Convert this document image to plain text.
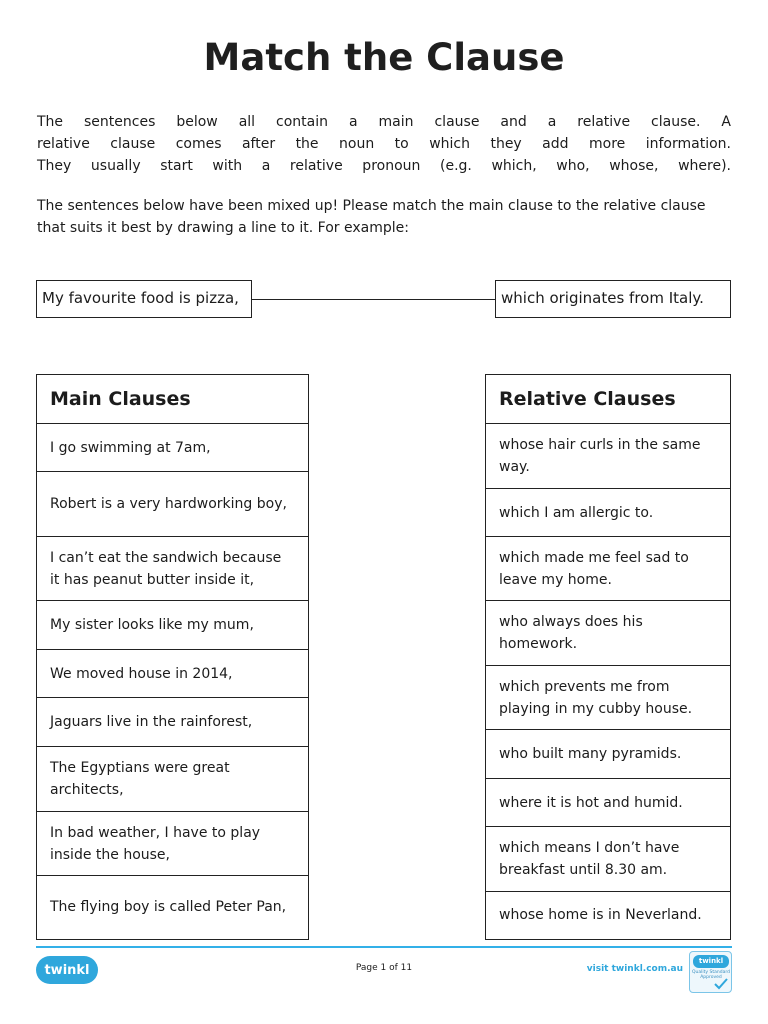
Match the Clause
The sentences below all contain a main clause and a relative clause. A
relative clause comes after the noun to which they add more information.
They usually start with a relative pronoun (e.g. which, who, whose, where).
The sentences below have been mixed up! Please match the main clause to the relative clause that suits it best by drawing a line to it. For example:
My favourite food is pizza,	which originates from Italy.
Main Clauses
I go swimming at 7am,
Robert is a very hardworking boy,
I can’t eat the sandwich because it has peanut butter inside it,
My sister looks like my mum,
We moved house in 2014,
Jaguars live in the rainforest,
The Egyptians were great architects,
In bad weather, I have to play inside the house,
The flying boy is called Peter Pan,
Relative Clauses
whose hair curls in the same way.
which I am allergic to.
which made me feel sad to leave my home.
who always does his homework.
which prevents me from playing in my cubby house.
who built many pyramids.
where it is hot and humid.
which means I don’t have breakfast until 8.30 am.
whose home is in Neverland.
twinkl	Page 1 of 11	visit twinkl.com.au
twinkl
Quality Standard Approved
